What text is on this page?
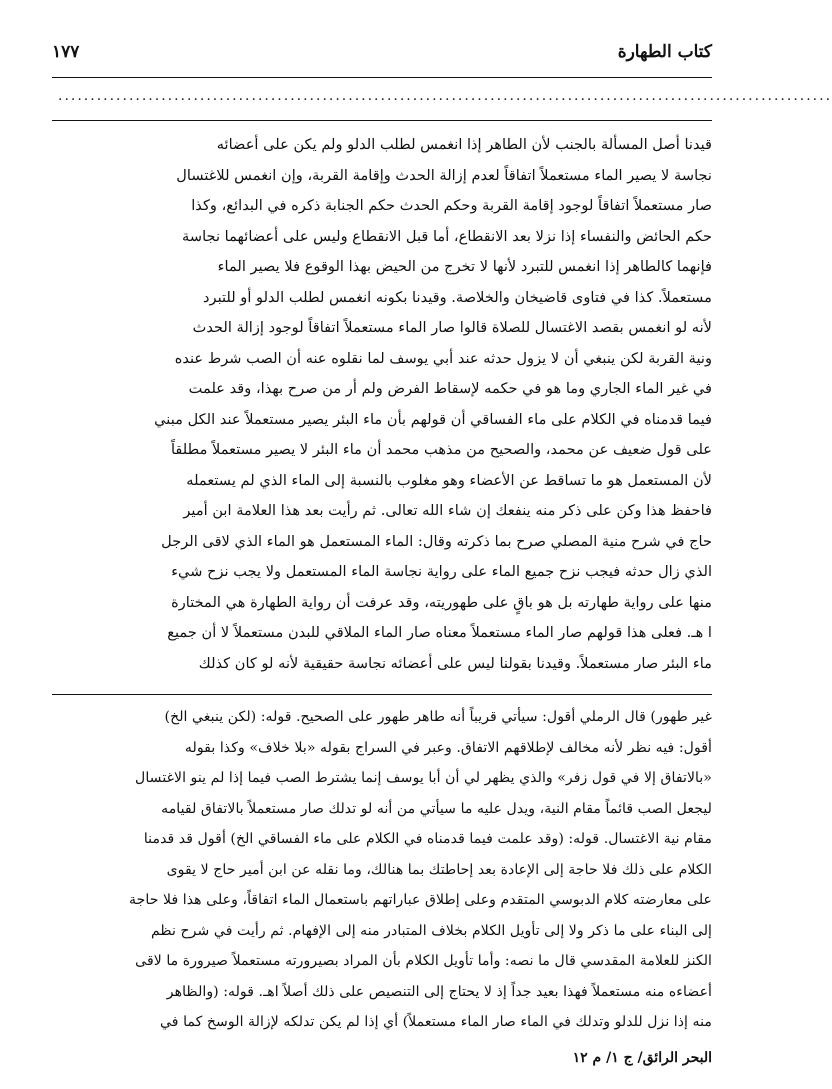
كتاب الطهارة
١٧٧
........................................................................................................................
قيدنا أصل المسألة بالجنب لأن الطاهر إذا انغمس لطلب الدلو ولم يكن على أعضائه
نجاسة لا يصير الماء مستعملاً اتفاقاً لعدم إزالة الحدث وإقامة القربة، وإن انغمس للاغتسال
صار مستعملاً اتفاقاً لوجود إقامة القربة وحكم الحدث حكم الجنابة ذكره في البدائع، وكذا
حكم الحائض والنفساء إذا نزلا بعد الانقطاع، أما قبل الانقطاع وليس على أعضائهما نجاسة
فإنهما كالطاهر إذا انغمس للتبرد لأنها لا تخرج من الحيض بهذا الوقوع فلا يصير الماء
مستعملاً. كذا في فتاوى قاضيخان والخلاصة. وقيدنا بكونه انغمس لطلب الدلو أو للتبرد
لأنه لو انغمس بقصد الاغتسال للصلاة قالوا صار الماء مستعملاً اتفاقاً لوجود إزالة الحدث
ونية القربة لكن ينبغي أن لا يزول حدثه عند أبي يوسف لما نقلوه عنه أن الصب شرط عنده
في غير الماء الجاري وما هو في حكمه لإسقاط الفرض ولم أر من صرح بهذا، وقد علمت
فيما قدمناه في الكلام على ماء الفساقي أن قولهم بأن ماء البئر يصير مستعملاً عند الكل مبني
على قول ضعيف عن محمد، والصحيح من مذهب محمد أن ماء البئر لا يصير مستعملاً مطلقاً
لأن المستعمل هو ما تساقط عن الأعضاء وهو مغلوب بالنسبة إلى الماء الذي لم يستعمله
فاحفظ هذا وكن على ذكر منه ينفعك إن شاء الله تعالى. ثم رأيت بعد هذا العلامة ابن أمير
حاج في شرح منية المصلي صرح بما ذكرته وقال: الماء المستعمل هو الماء الذي لاقى الرجل
الذي زال حدثه فيجب نزح جميع الماء على رواية نجاسة الماء المستعمل ولا يجب نزح شيء
منها على رواية طهارته بل هو باقٍ على طهوريته، وقد عرفت أن رواية الطهارة هي المختارة
ا هـ. فعلى هذا قولهم صار الماء مستعملاً معناه صار الماء الملاقي للبدن مستعملاً لا أن جميع
ماء البئر صار مستعملاً. وقيدنا بقولنا ليس على أعضائه نجاسة حقيقية لأنه لو كان كذلك
غير طهور) قال الرملي أقول: سيأتي قريباً أنه طاهر طهور على الصحيح. قوله: (لكن ينبغي الخ)
أقول: فيه نظر لأنه مخالف لإطلاقهم الاتفاق. وعبر في السراج بقوله «بلا خلاف» وكذا بقوله
«بالاتفاق إلا في قول زفر» والذي يظهر لي أن أبا يوسف إنما يشترط الصب فيما إذا لم ينو الاغتسال
ليجعل الصب قائماً مقام النية، ويدل عليه ما سيأتي من أنه لو تدلك صار مستعملاً بالاتفاق لقيامه
مقام نية الاغتسال. قوله: (وقد علمت فيما قدمناه في الكلام على ماء الفساقي الخ) أقول قد قدمنا
الكلام على ذلك فلا حاجة إلى الإعادة بعد إحاطتك بما هنالك، وما نقله عن ابن أمير حاج لا يقوى
على معارضته كلام الدبوسي المتقدم وعلى إطلاق عباراتهم باستعمال الماء اتفاقاً، وعلى هذا فلا حاجة
إلى البناء على ما ذكر ولا إلى تأويل الكلام بخلاف المتبادر منه إلى الإفهام. ثم رأيت في شرح نظم
الكنز للعلامة المقدسي قال ما نصه: وأما تأويل الكلام بأن المراد بصيرورته مستعملاً صيرورة ما لاقى
أعضاءه منه مستعملاً فهذا بعيد جداً إذ لا يحتاج إلى التنصيص على ذلك أصلاً اهـ. قوله: (والظاهر
منه إذا نزل للدلو وتدلك في الماء صار الماء مستعملاً) أي إذا لم يكن تدلكه لإزالة الوسخ كما في
البحر الرائق/ ج ١/ م ١٢
